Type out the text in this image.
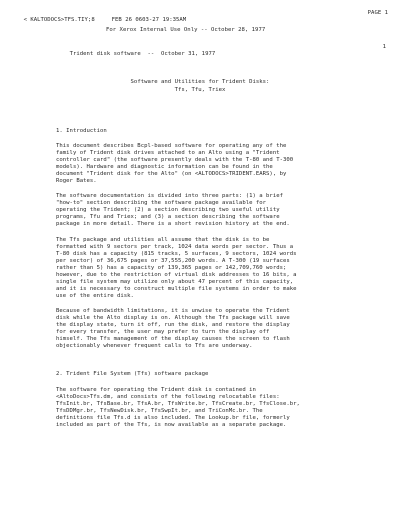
< KALTODOCS>TFS.TIY;8     FEB 26 0603-27 19:35AM

PAGE 1

For Xerox Internal Use Only -- October 28, 1977

Trident disk software  --  October 31, 1977

1

Software and Utilities for Trident Disks:
Tfs, Tfu, Triex
1. Introduction
This document describes Bcpl-based software for operating any of the
family of Trident disk drives attached to an Alto using a "Trident
controller card" (the software presently deals with the T-80 and T-300
models). Hardware and diagnostic information can be found in the
document "Trident disk for the Alto" (on <ALTODOCS>TRIDENT.EARS), by
Roger Bates.
The software documentation is divided into three parts: (1) a brief
"how-to" section describing the software package available for
operating the Trident; (2) a section describing two useful utility
programs, Tfu and Triex; and (3) a section describing the software
package in more detail. There is a short revision history at the end.
The Tfs package and utilities all assume that the disk is to be
formatted with 9 sectors per track, 1024 data words per sector. Thus a
T-80 disk has a capacity (815 tracks, 5 surfaces, 9 sectors, 1024 words
per sector) of 36,675 pages or 37,555,200 words. A T-300 (19 surfaces
rather than 5) has a capacity of 139,365 pages or 142,709,760 words;
however, due to the restriction of virtual disk addresses to 16 bits, a
single file system may utilize only about 47 percent of this capacity,
and it is necessary to construct multiple file systems in order to make
use of the entire disk.
Because of bandwidth limitations, it is unwise to operate the Trident
disk while the Alto display is on. Although the Tfs package will save
the display state, turn it off, run the disk, and restore the display
for every transfer, the user may prefer to turn the display off
himself. The Tfs management of the display causes the screen to flash
objectionably whenever frequent calls to Tfs are underway.
2. Trident File System (Tfs) software package
The software for operating the Trident disk is contained in
<AltoDocs>Tfs.dm, and consists of the following relocatable files:
TfsInit.br, TfsBase.br, TfsA.br, TfsWrite.br, TfsCreate.br, TfsClose.br,
TfsDDMgr.br, TfsNewDisk.br, TfsSwpIt.br, and TriConMc.br. The
definitions file Tfs.d is also included. The Lookup.br file, formerly
included as part of the Tfs, is now available as a separate package.
